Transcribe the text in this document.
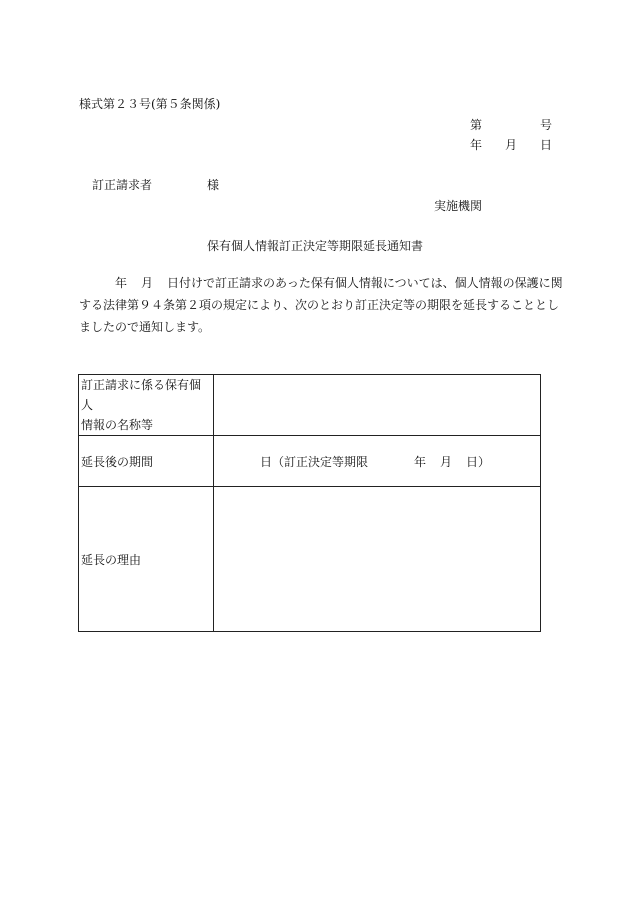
様式第２３号(第５条関係)
第	号
年 月 日
訂正請求者	様
実施機関
保有個人情報訂正決定等期限延長通知書
年 月 日付けで訂正請求のあった保有個人情報については、個人情報の保護に関
する法律第９４条第２項の規定により、次のとおり訂正決定等の期限を延長することとし
ましたので通知します。
訂正請求に係る保有個人
情報の名称等	

延長後の期間	日（訂正決定等期限 年 月 日）
延長の理由	
